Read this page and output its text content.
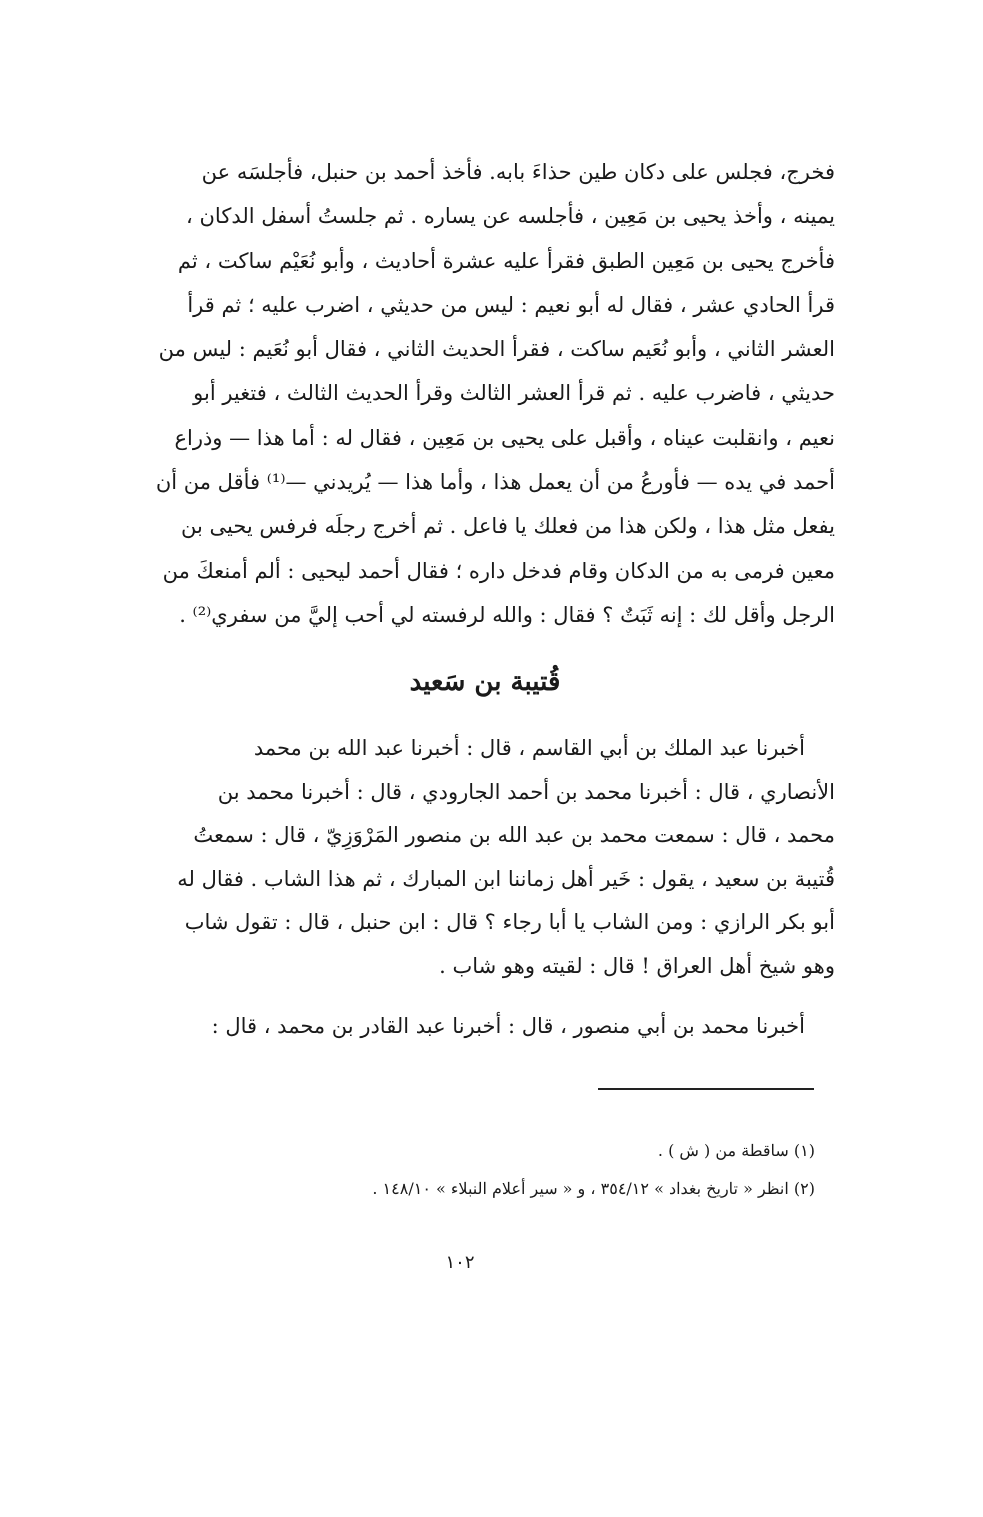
فخرج، فجلس على دكان طين حذاءَ بابه. فأخذ أحمد بن حنبل، فأجلسَه عن
يمينه ، وأخذ يحيى بن مَعِين ، فأجلسه عن يساره . ثم جلستُ أسفل الدكان ،
فأخرج يحيى بن مَعِين الطبق فقرأ عليه عشرة أحاديث ، وأبو نُعَيْم ساكت ، ثم
قرأ الحادي عشر ، فقال له أبو نعيم : ليس من حديثي ، اضرب عليه ؛ ثم قرأ
العشر الثاني ، وأبو نُعَيم ساكت ، فقرأ الحديث الثاني ، فقال أبو نُعَيم : ليس من
حديثي ، فاضرب عليه . ثم قرأ العشر الثالث وقرأ الحديث الثالث ، فتغير أبو
نعيم ، وانقلبت عيناه ، وأقبل على يحيى بن مَعِين ، فقال له : أما هذا — وذراع
أحمد في يده — فأورعُ من أن يعمل هذا ، وأما هذا — يُريدني —⁽¹⁾ فأقل من أن
يفعل مثل هذا ، ولكن هذا من فعلك يا فاعل . ثم أخرج رجلَه فرفس يحيى بن
معين فرمى به من الدكان وقام فدخل داره ؛ فقال أحمد ليحيى : ألم أمنعكَ من
الرجل وأقل لك : إنه ثَبَتٌ ؟ فقال : والله لرفسته لي أحب إليَّ من سفري⁽²⁾ .
قُتيبة بن سَعيد
أخبرنا عبد الملك بن أبي القاسم ، قال : أخبرنا عبد الله بن محمد
الأنصاري ، قال : أخبرنا محمد بن أحمد الجارودي ، قال : أخبرنا محمد بن
محمد ، قال : سمعت محمد بن عبد الله بن منصور المَرْوَزِيّ ، قال : سمعتُ
قُتيبة بن سعيد ، يقول : خَير أهل زماننا ابن المبارك ، ثم هذا الشاب . فقال له
أبو بكر الرازي : ومن الشاب يا أبا رجاء ؟ قال : ابن حنبل ، قال : تقول شاب
وهو شيخ أهل العراق ! قال : لقيته وهو شاب .
أخبرنا محمد بن أبي منصور ، قال : أخبرنا عبد القادر بن محمد ، قال :
(١) ساقطة من ( ش ) .
(٢) انظر « تاريخ بغداد » ٣٥٤/١٢ ، و « سير أعلام النبلاء » ١٤٨/١٠ .
١٠٢
